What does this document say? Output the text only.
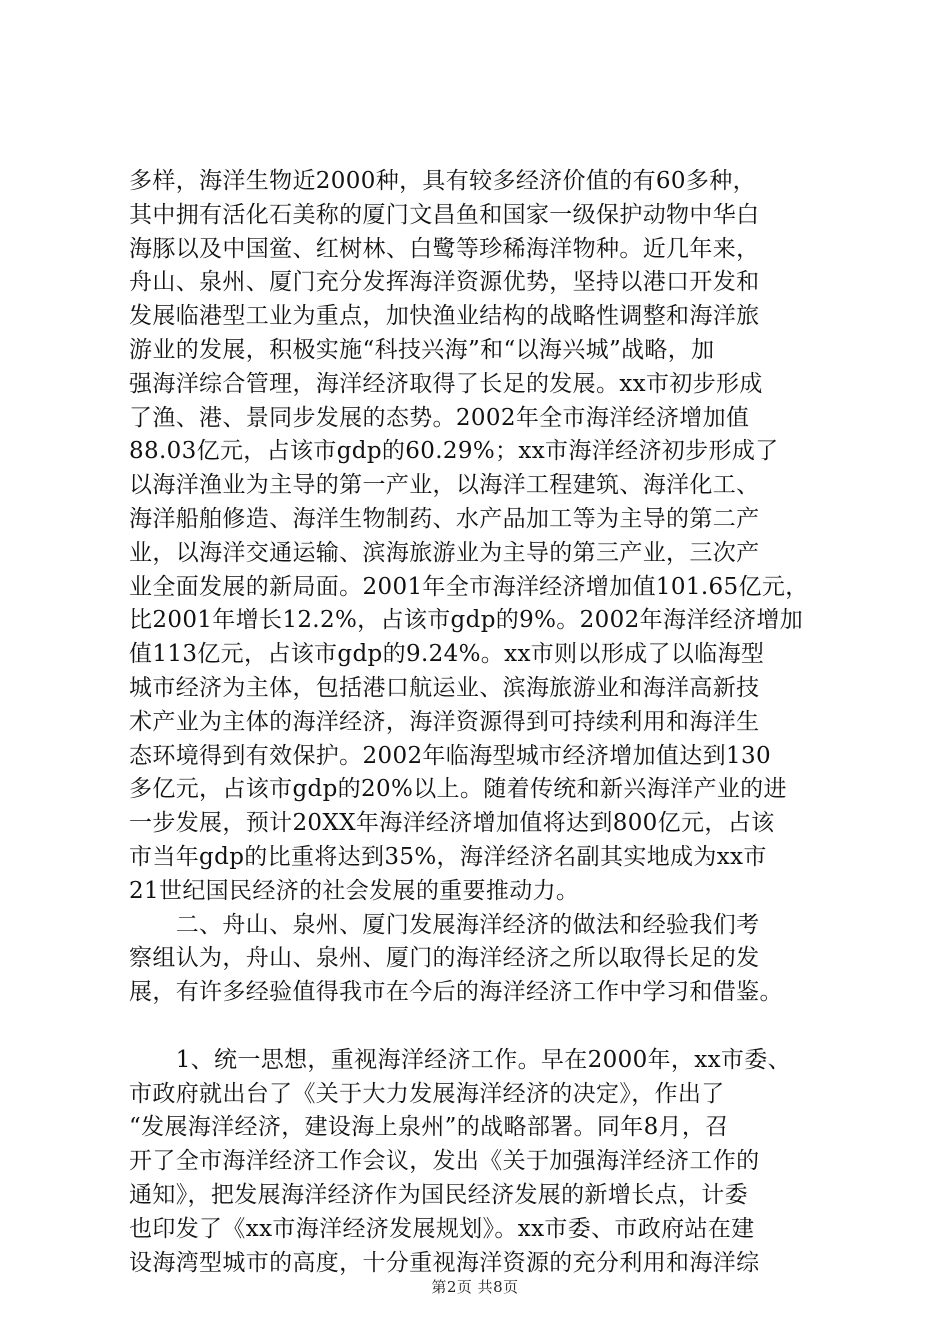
多样，海洋生物近2000种，具有较多经济价值的有60多种，
其中拥有活化石美称的厦门文昌鱼和国家一级保护动物中华白
海豚以及中国鲎、红树林、白鹭等珍稀海洋物种。近几年来，
舟山、泉州、厦门充分发挥海洋资源优势，坚持以港口开发和
发展临港型工业为重点，加快渔业结构的战略性调整和海洋旅
游业的发展，积极实施“科技兴海”和“以海兴城”战略，加
强海洋综合管理，海洋经济取得了长足的发展。xx市初步形成
了渔、港、景同步发展的态势。2002年全市海洋经济增加值
88.03亿元，占该市gdp的60.29%；xx市海洋经济初步形成了
以海洋渔业为主导的第一产业，以海洋工程建筑、海洋化工、
海洋船舶修造、海洋生物制药、水产品加工等为主导的第二产
业，以海洋交通运输、滨海旅游业为主导的第三产业，三次产
业全面发展的新局面。2001年全市海洋经济增加值101.65亿元，
比2001年增长12.2%，占该市gdp的9%。2002年海洋经济增加
值113亿元，占该市gdp的9.24%。xx市则以形成了以临海型
城市经济为主体，包括港口航运业、滨海旅游业和海洋高新技
术产业为主体的海洋经济，海洋资源得到可持续利用和海洋生
态环境得到有效保护。2002年临海型城市经济增加值达到130
多亿元，占该市gdp的20%以上。随着传统和新兴海洋产业的进
一步发展，预计20XX年海洋经济增加值将达到800亿元，占该
市当年gdp的比重将达到35%，海洋经济名副其实地成为xx市
21世纪国民经济的社会发展的重要推动力。
　　二、舟山、泉州、厦门发展海洋经济的做法和经验我们考
察组认为，舟山、泉州、厦门的海洋经济之所以取得长足的发
展，有许多经验值得我市在今后的海洋经济工作中学习和借鉴。
　　1、统一思想，重视海洋经济工作。早在2000年，xx市委、
市政府就出台了《关于大力发展海洋经济的决定》，作出了
“发展海洋经济，建设海上泉州”的战略部署。同年8月，召
开了全市海洋经济工作会议，发出《关于加强海洋经济工作的
通知》，把发展海洋经济作为国民经济发展的新增长点，计委
也印发了《xx市海洋经济发展规划》。xx市委、市政府站在建
设海湾型城市的高度，十分重视海洋资源的充分利用和海洋综
第2页 共8页
